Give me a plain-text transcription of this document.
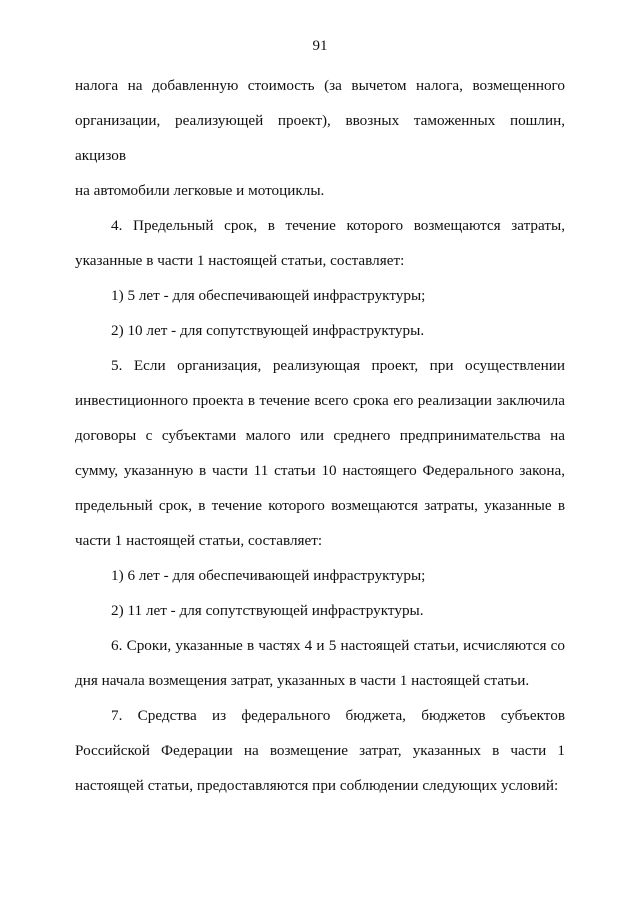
91

налога на добавленную стоимость (за вычетом налога, возмещенного
организации, реализующей проект), ввозных таможенных пошлин, акцизов
на автомобили легковые и мотоциклы.

4. Предельный срок, в течение которого возмещаются затраты,
указанные в части 1 настоящей статьи, составляет:

1) 5 лет - для обеспечивающей инфраструктуры;

2) 10 лет - для сопутствующей инфраструктуры.

5. Если организация, реализующая проект, при осуществлении
инвестиционного проекта в течение всего срока его реализации заключила
договоры с субъектами малого или среднего предпринимательства на
сумму, указанную в части 11 статьи 10 настоящего Федерального закона,
предельный срок, в течение которого возмещаются затраты, указанные в
части 1 настоящей статьи, составляет:

1) 6 лет - для обеспечивающей инфраструктуры;

2) 11 лет - для сопутствующей инфраструктуры.

6. Сроки, указанные в частях 4 и 5 настоящей статьи, исчисляются со
дня начала возмещения затрат, указанных в части 1 настоящей статьи.

7. Средства из федерального бюджета, бюджетов субъектов
Российской Федерации на возмещение затрат, указанных в части 1
настоящей статьи, предоставляются при соблюдении следующих условий:
